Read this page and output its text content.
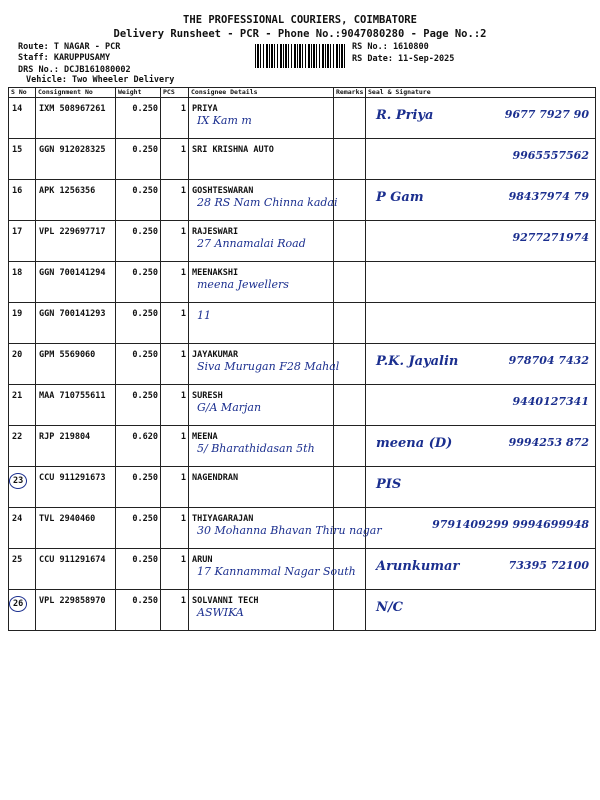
THE PROFESSIONAL COURIERS, COIMBATORE
Delivery Runsheet - PCR - Phone No.:9047080280 - Page No.:2
Route: T NAGAR - PCR
Staff: KARUPPUSAMY
DRS No.: DCJB161080002
Vehicle: Two Wheeler Delivery
RS No.: 1610800
RS Date: 11-Sep-2025
S No	Consignment No	Weight	PCS	Consignee Details	Remarks	Seal & Signature

14	IXM 508967261	0.250	1	PRIYA
IX Kam m		9677 7927 90
R. Priya

15	GGN 912028325	0.250	1	SRI KRISHNA AUTO		9965557562

16	APK 1256356	0.250	1	GOSHTESWARAN
28 RS Nam Chinna kadai		98437974 79
P Gam

17	VPL 229697717	0.250	1	RAJESWARI
27 Annamalai Road		9277271974

18	GGN 700141294	0.250	1	MEENAKSHI
meena Jewellers		

19	GGN 700141293	0.250	1	11		

20	GPM 5569060	0.250	1	JAYAKUMAR
Siva Murugan F28 Mahal		978704 7432
P.K. Jayalin

21	MAA 710755611	0.250	1	SURESH
G/A Marjan		9440127341

22	RJP 219804	0.620	1	MEENA
5/ Bharathidasan 5th		9994253 872
meena (D)

23	CCU 911291673	0.250	1	NAGENDRAN		PIS

24	TVL 2940460	0.250	1	THIYAGARAJAN
30 Mohanna Bhavan Thiru nagar		9791409299 9994699948

25	CCU 911291674	0.250	1	ARUN
17 Kannammal Nagar South		73395 72100
Arunkumar

26	VPL 229858970	0.250	1	SOLVANNI TECH
ASWIKA		N/C
